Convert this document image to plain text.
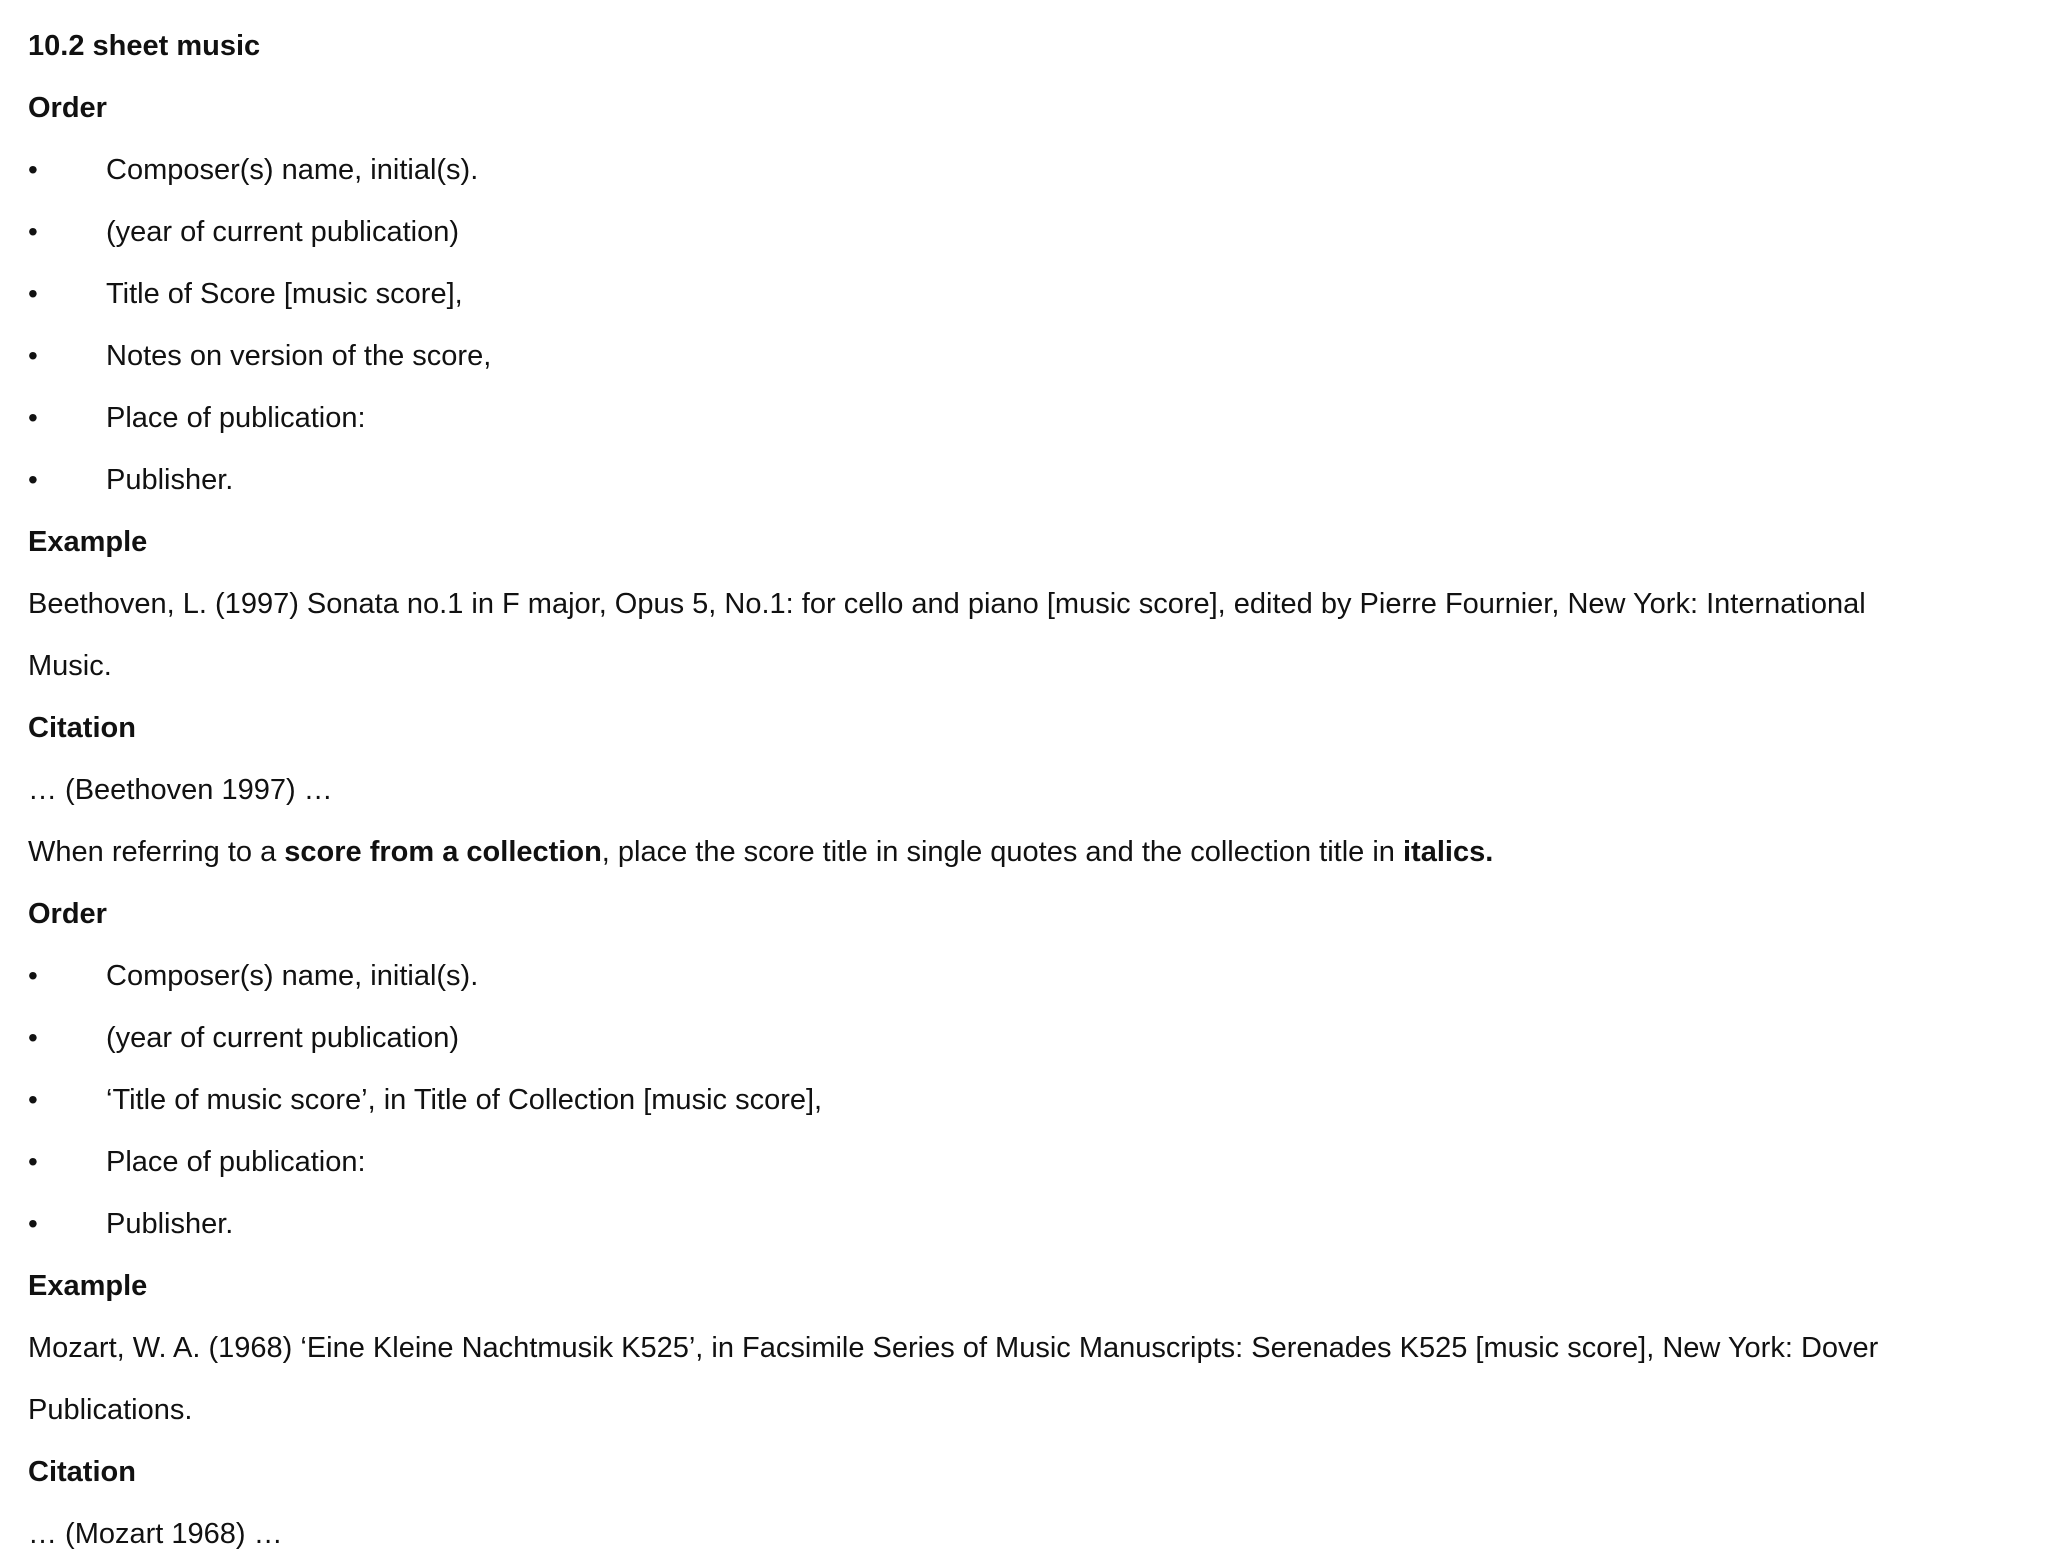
10.2 sheet music
Order
•	Composer(s) name, initial(s).
•	(year of current publication)
•	Title of Score [music score],
•	Notes on version of the score,
•	Place of publication:
•	Publisher.
Example
Beethoven, L. (1997) Sonata no.1 in F major, Opus 5, No.1: for cello and piano [music score], edited by Pierre Fournier, New York: International
Music.
Citation
… (Beethoven 1997) …
When referring to a score from a collection, place the score title in single quotes and the collection title in italics.
Order
•	Composer(s) name, initial(s).
•	(year of current publication)
•	‘Title of music score’, in Title of Collection [music score],
•	Place of publication:
•	Publisher.
Example
Mozart, W. A. (1968) ‘Eine Kleine Nachtmusik K525’, in Facsimile Series of Music Manuscripts: Serenades K525 [music score], New York: Dover
Publications.
Citation
… (Mozart 1968) …
